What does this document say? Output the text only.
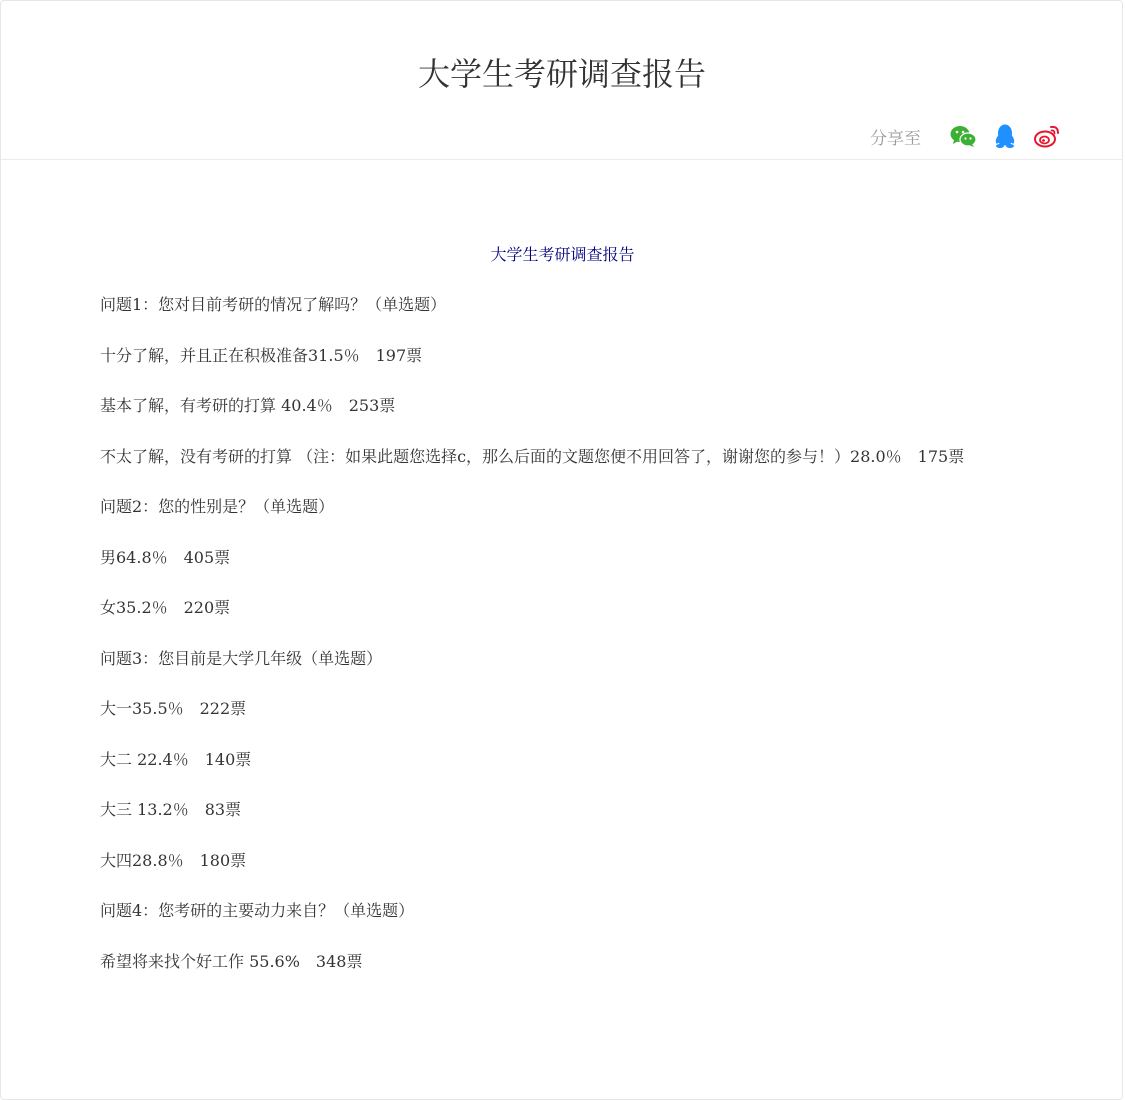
大学生考研调查报告
分享至
大学生考研调查报告
问题1：您对目前考研的情况了解吗？（单选题）
十分了解，并且正在积极准备31.5％　197票
基本了解，有考研的打算 40.4％　253票
不太了解，没有考研的打算 （注：如果此题您选择c，那么后面的文题您便不用回答了，谢谢您的参与！）28.0％　175票
问题2：您的性别是？（单选题）
男64.8％　405票
女35.2％　220票
问题3：您目前是大学几年级（单选题）
大一35.5％　222票
大二 22.4％　140票
大三 13.2％　83票
大四28.8％　180票
问题4：您考研的主要动力来自？（单选题）
希望将来找个好工作 55.6%　348票
